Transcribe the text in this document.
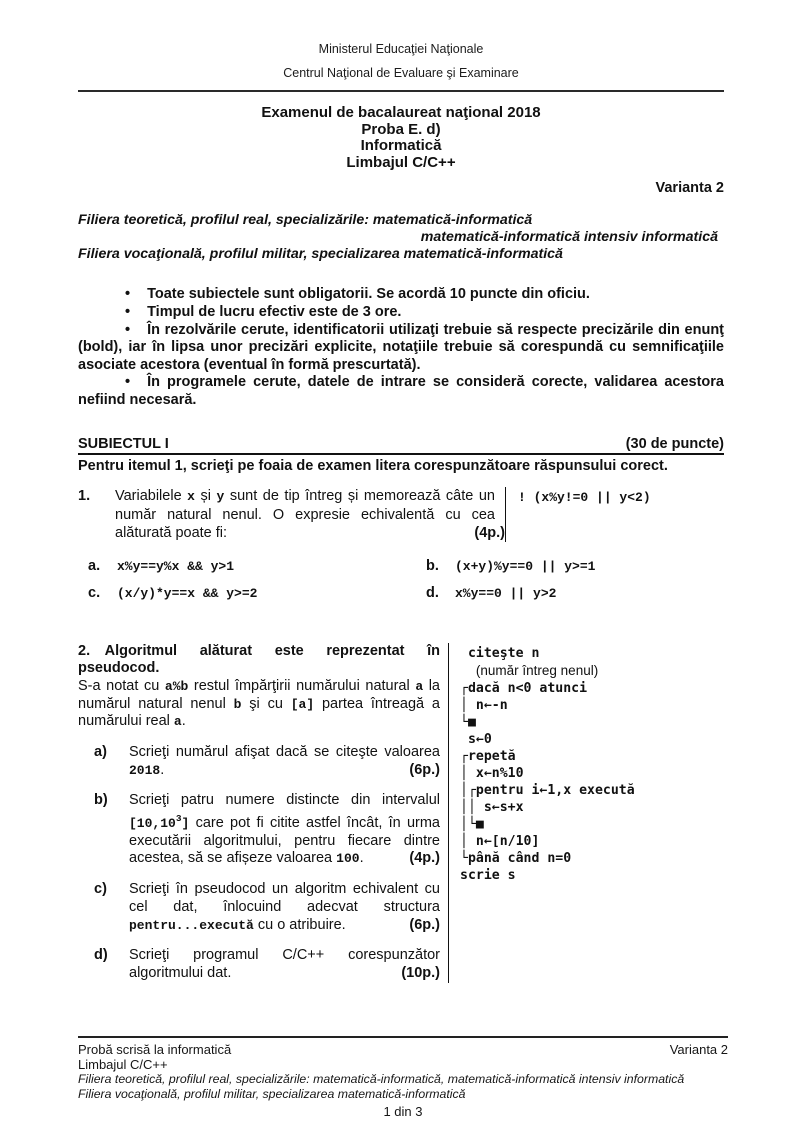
Ministerul Educaţiei Naţionale
Centrul Naţional de Evaluare şi Examinare
Examenul de bacalaureat naţional 2018
Proba E. d)
Informatică
Limbajul C/C++
Varianta 2
Filiera teoretică, profilul real, specializările: matematică-informatică
matematică-informatică intensiv informatică
Filiera vocaţională, profilul militar, specializarea matematică-informatică

• Toate subiectele sunt obligatorii. Se acordă 10 puncte din oficiu.

• Timpul de lucru efectiv este de 3 ore.

• În rezolvările cerute, identificatorii utilizaţi trebuie să respecte precizările din enunţ (bold), iar în lipsa unor precizări explicite, notaţiile trebuie să corespundă cu semnificaţiile asociate acestora (eventual în formă prescurtată).

• În programele cerute, datele de intrare se consideră corecte, validarea acestora nefiind necesară.

SUBIECTUL I	(30 de puncte)
Pentru itemul 1, scrieţi pe foaia de examen litera corespunzătoare răspunsului corect.
1.	Variabilele x și y sunt de tip întreg și memorează câte un număr natural nenul. O expresie echivalentă cu cea alăturată poate fi:	(4p.)
! (x%y!=0 || y<2)
a.	x%y==y%x && y>1	b.	(x+y)%y==0 || y>=1
c.	(x/y)*y==x && y>=2	d.	x%y==0 || y>2

2. Algoritmul alăturat este reprezentat în pseudocod.

S-a notat cu a%b restul împărţirii numărului natural a la numărul natural nenul b şi cu [a] partea întreagă a numărului real a.

a)	Scrieţi numărul afişat dacă se citeşte valoarea 2018.	(6p.)
b)	Scrieţi patru numere distincte din intervalul [10,10$^3$] care pot fi citite astfel încât, în urma executării algoritmului, pentru fiecare dintre acestea, să se afișeze valoarea 100.	(4p.)
c)	Scrieţi în pseudocod un algoritm echivalent cu cel dat, înlocuind adecvat structura pentru...execută cu o atribuire.	(6p.)
d)	Scrieţi programul C/C++ corespunzător algoritmului dat.	(10p.)
citeşte n
(număr întreg nenul)
┌dacă n<0 atunci
│ n←-n
└■
s←0
┌repetă
│ x←n%10
│┌pentru i←1,x execută
││ s←s+x
│└■
│ n←[n/10]
└până când n=0
scrie s
Probă scrisă la informatică	Varianta 2
Limbajul C/C++
Filiera teoretică, profilul real, specializările: matematică-informatică, matematică-informatică intensiv informatică
Filiera vocaţională, profilul militar, specializarea matematică-informatică
1 din 3
